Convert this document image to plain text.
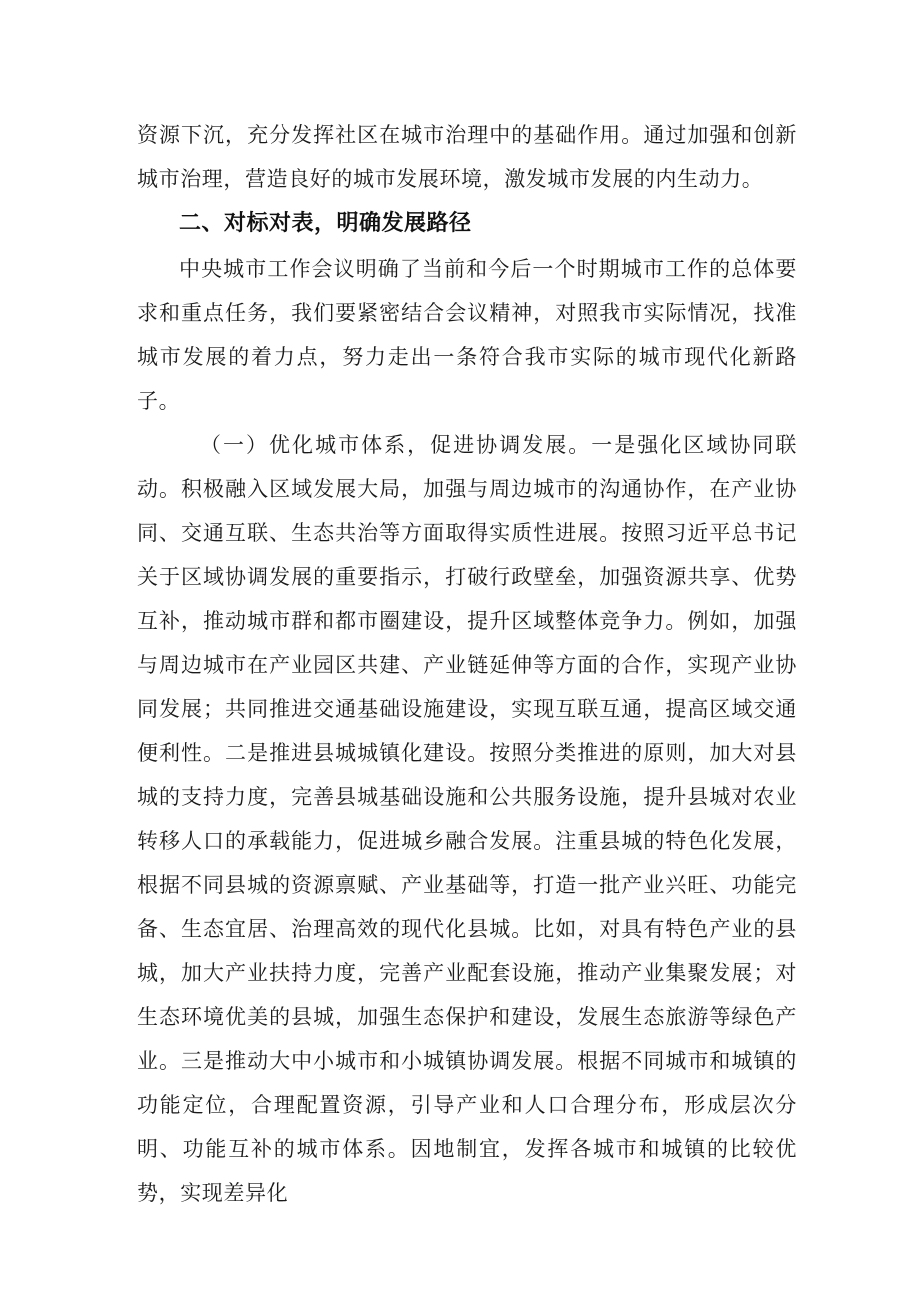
资源下沉，充分发挥社区在城市治理中的基础作用。通过加强和创新城市治理，营造良好的城市发展环境，激发城市发展的内生动力。

二、对标对表，明确发展路径

中央城市工作会议明确了当前和今后一个时期城市工作的总体要求和重点任务，我们要紧密结合会议精神，对照我市实际情况，找准城市发展的着力点，努力走出一条符合我市实际的城市现代化新路子。

（一）优化城市体系，促进协调发展。一是强化区域协同联动。积极融入区域发展大局，加强与周边城市的沟通协作，在产业协同、交通互联、生态共治等方面取得实质性进展。按照习近平总书记关于区域协调发展的重要指示，打破行政壁垒，加强资源共享、优势互补，推动城市群和都市圈建设，提升区域整体竞争力。例如，加强与周边城市在产业园区共建、产业链延伸等方面的合作，实现产业协同发展；共同推进交通基础设施建设，实现互联互通，提高区域交通便利性。二是推进县城城镇化建设。按照分类推进的原则，加大对县城的支持力度，完善县城基础设施和公共服务设施，提升县城对农业转移人口的承载能力，促进城乡融合发展。注重县城的特色化发展，根据不同县城的资源禀赋、产业基础等，打造一批产业兴旺、功能完备、生态宜居、治理高效的现代化县城。比如，对具有特色产业的县城，加大产业扶持力度，完善产业配套设施，推动产业集聚发展；对生态环境优美的县城，加强生态保护和建设，发展生态旅游等绿色产业。三是推动大中小城市和小城镇协调发展。根据不同城市和城镇的功能定位，合理配置资源，引导产业和人口合理分布，形成层次分明、功能互补的城市体系。因地制宜，发挥各城市和城镇的比较优势，实现差异化
